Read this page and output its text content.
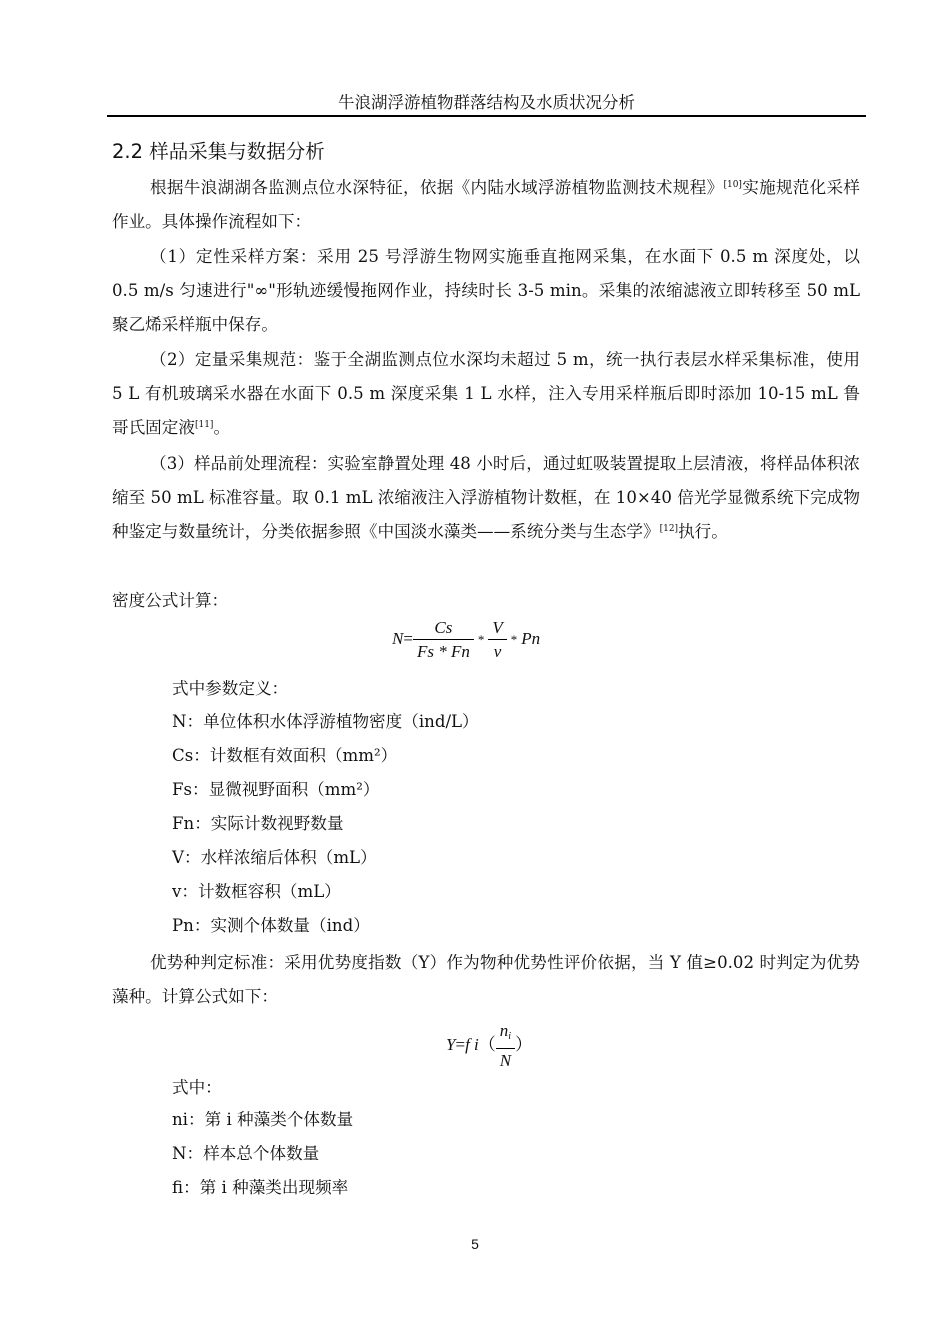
牛浪湖浮游植物群落结构及水质状况分析
2.2 样品采集与数据分析

根据牛浪湖湖各监测点位水深特征，依据《内陆水域浮游植物监测技术规程》[10]实施规范化采样作业。具体操作流程如下：

（1）定性采样方案：采用 25 号浮游生物网实施垂直拖网采集，在水面下 0.5 m 深度处，以 0.5 m/s 匀速进行"∞"形轨迹缓慢拖网作业，持续时长 3-5 min。采集的浓缩滤液立即转移至 50 mL 聚乙烯采样瓶中保存。

（2）定量采集规范：鉴于全湖监测点位水深均未超过 5 m，统一执行表层水样采集标准，使用 5 L 有机玻璃采水器在水面下 0.5 m 深度采集 1 L 水样，注入专用采样瓶后即时添加 10-15 mL 鲁哥氏固定液[11]。

（3）样品前处理流程：实验室静置处理 48 小时后，通过虹吸装置提取上层清液，将样品体积浓缩至 50 mL 标准容量。取 0.1 mL 浓缩液注入浮游植物计数框，在 10×40 倍光学显微系统下完成物种鉴定与数量统计，分类依据参照《中国淡水藻类——系统分类与生态学》[12]执行。

密度公式计算：
$N= \frac{Cs}{Fs * Fn} * \frac{V}{v} * Pn$
式中参数定义：
N：单位体积水体浮游植物密度（ind/L）
Cs：计数框有效面积（mm²）
Fs：显微视野面积（mm²）
Fn：实际计数视野数量
V：水样浓缩后体积（mL）
v：计数框容积（mL）
Pn：实测个体数量（ind）

优势种判定标准：采用优势度指数（Y）作为物种优势性评价依据，当 Y 值≥0.02 时判定为优势藻种。计算公式如下：

Y=f $i( \frac{n_i}{N}$ ）
式中：
ni：第 i 种藻类个体数量
N：样本总个体数量
fi：第 i 种藻类出现频率
5
